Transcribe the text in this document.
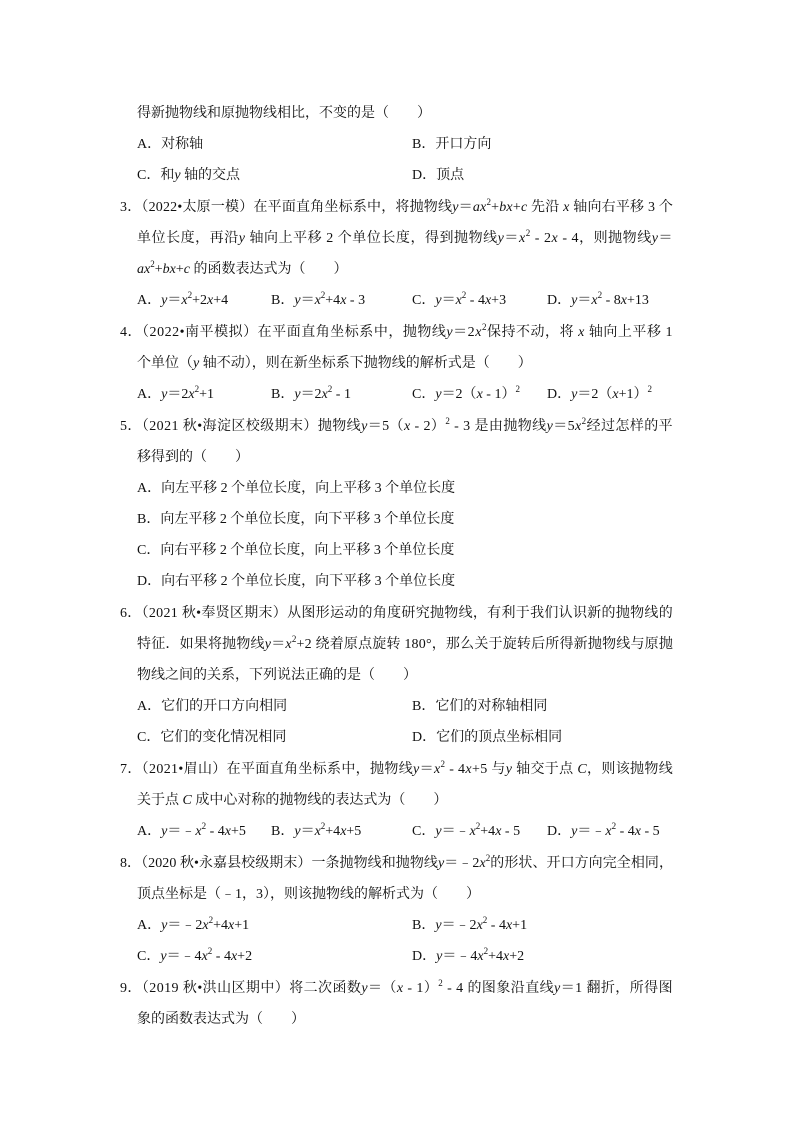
得新抛物线和原抛物线相比，不变的是（　　）
A．对称轴	B．开口方向
C．和y 轴的交点	D．顶点
3．（2022•太原一模）在平面直角坐标系中，将抛物线$y=ax^2+bx+c$ 先沿 x 轴向右平移 3 个
单位长度，再沿y 轴向上平移 2 个单位长度，得到抛物线$y=x^2 - 2x - 4$，则抛物线y＝
$ax^2+bx+c$ 的函数表达式为（　　）
A．$y=x^2+2x+4$	B．$y=x^2+4x - 3$	C．$y=x^2 - 4x+3$	D．$y=x^2 - 8x+13$
4．（2022•南平模拟）在平面直角坐标系中，抛物线$y=2x^2$保持不动，将 x 轴向上平移 1
个单位（y 轴不动），则在新坐标系下抛物线的解析式是（　　）
A．$y=2x^2+1$	B．$y=2x^2 - 1$	C．y＝2（x - 1）$^2$ D．$y=2(x+1)^2$
5．（2021 秋•海淀区校级期末）抛物线y＝5（x - 2）$^2$ - 3 是由抛物线$y=5x^2$经过怎样的平
移得到的（　　）
A．向左平移 2 个单位长度，向上平移 3 个单位长度
B．向左平移 2 个单位长度，向下平移 3 个单位长度
C．向右平移 2 个单位长度，向上平移 3 个单位长度
D．向右平移 2 个单位长度，向下平移 3 个单位长度
6．（2021 秋•奉贤区期末）从图形运动的角度研究抛物线，有利于我们认识新的抛物线的
特征．如果将抛物线$y=x^2+2$ 绕着原点旋转 180°，那么关于旋转后所得新抛物线与原抛
物线之间的关系，下列说法正确的是（　　）
A．它们的开口方向相同	B．它们的对称轴相同
C．它们的变化情况相同	D．它们的顶点坐标相同
7．（2021•眉山）在平面直角坐标系中，抛物线$y=x^2 - 4x+5$ 与y 轴交于点 C，则该抛物线
关于点 C 成中心对称的抛物线的表达式为（　　）
A．$y=﹣x^2 - 4x+5$ B．$y=x^2+4x+5$	C．$y=﹣x^2+4x - 5$ D．$y=﹣x^2 - 4x - 5$
8．（2020 秋•永嘉县校级期末）一条抛物线和抛物线$y=﹣2x^2$的形状、开口方向完全相同，
顶点坐标是（﹣1，3），则该抛物线的解析式为（　　）
A．$y=﹣2x^2+4x+1$	B．$y=﹣2x^2 - 4x+1$
C．$y=﹣4x^2 - 4x+2$	D．$y=﹣4x^2+4x+2$
9．（2019 秋•洪山区期中）将二次函数y＝（x - 1）$^2$ - 4 的图象沿直线y＝1 翻折，所得图
象的函数表达式为（　　）
